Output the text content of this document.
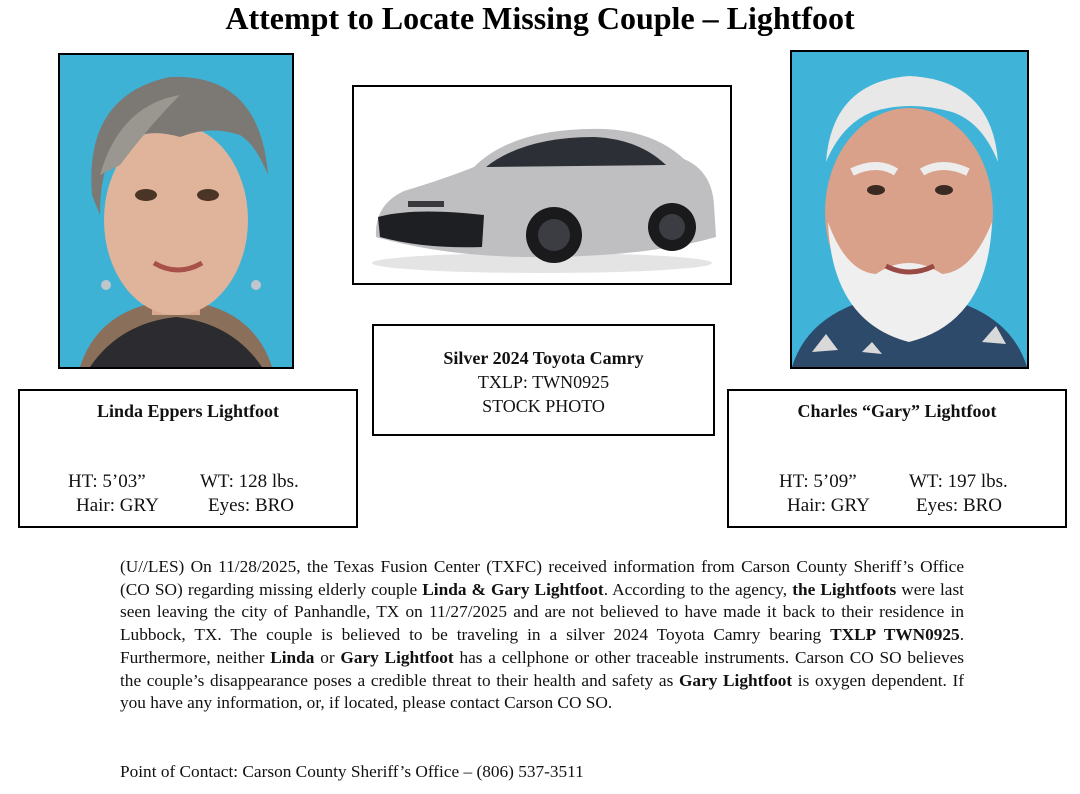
Attempt to Locate Missing Couple – Lightfoot
Linda Eppers Lightfoot
HT: 5’03”	WT: 128 lbs.
Hair: GRY	Eyes: BRO
Silver 2024 Toyota Camry
TXLP: TWN0925
STOCK PHOTO	Charles “Gary” Lightfoot
HT: 5’09”	WT: 197 lbs.
Hair: GRY Eyes: BRO
(U//LES) On 11/28/2025, the Texas Fusion Center (TXFC) received information from Carson County Sheriff’s Office (CO SO) regarding missing elderly couple Linda & Gary Lightfoot. According to the agency, the Lightfoots were last seen leaving the city of Panhandle, TX on 11/27/2025 and are not believed to have made it back to their residence in Lubbock, TX. The couple is believed to be traveling in a silver 2024 Toyota Camry bearing TXLP TWN0925. Furthermore, neither Linda or Gary Lightfoot has a cellphone or other traceable instruments. Carson CO SO believes the couple’s disappearance poses a credible threat to their health and safety as Gary Lightfoot is oxygen dependent. If you have any information, or, if located, please contact Carson CO SO.
Point of Contact: Carson County Sheriff’s Office – (806) 537-3511
